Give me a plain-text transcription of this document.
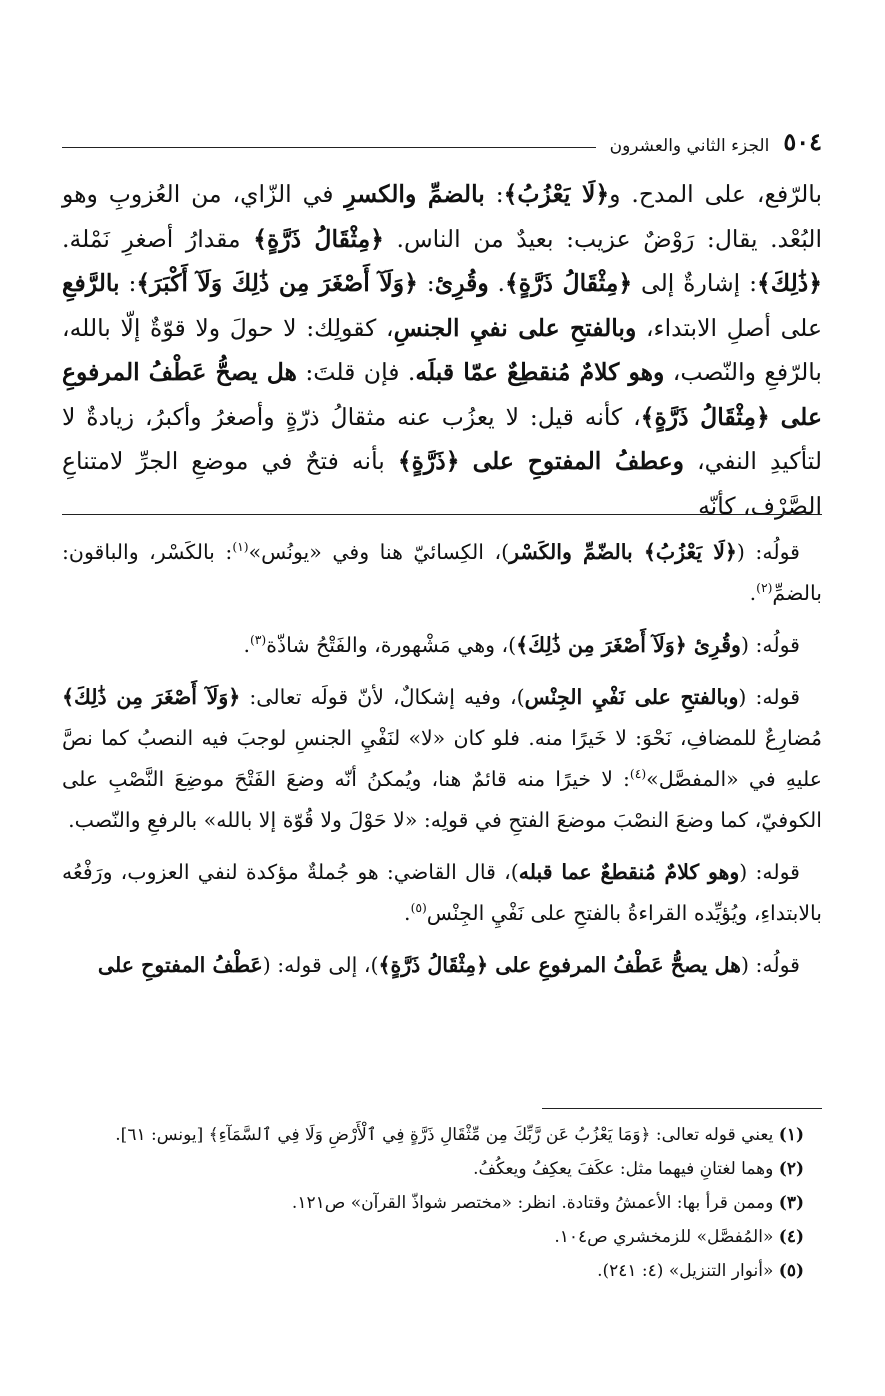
٥٠٤
الجزء الثاني والعشرون

بالرّفع، على المدح. و﴿لَا يَعْزُبُ﴾: بالضمِّ والكسرِ في الزّاي، من العُزوبِ وهو البُعْد. يقال: رَوْضٌ عزيب: بعيدٌ من الناس. ﴿مِثْقَالُ ذَرَّةٍ﴾ مقدارُ أصغرِ نَمْلة. ﴿ذَٰلِكَ﴾: إشارةٌ إلى ﴿مِثْقَالُ ذَرَّةٍ﴾. وقُرِئ: ﴿وَلَآ أَصْغَرَ مِن ذَٰلِكَ وَلَآ أَكْبَرَ﴾: بالرَّفعِ على أصلِ الابتداء، وبالفتحِ على نفيِ الجنسِ، كقولِك: لا حولَ ولا قوّةٌ إلّا بالله، بالرّفعِ والنّصب، وهو كلامٌ مُنقطِعٌ عمّا قبلَه. فإن قلتَ: هل يصحُّ عَطْفُ المرفوعِ على ﴿مِثْقَالُ ذَرَّةٍ﴾، كأنه قيل: لا يعزُب عنه مثقالُ ذرّةٍ وأصغرُ وأكبرُ، زيادةٌ لا لتأكيدِ النفي، وعطفُ المفتوحِ على ﴿ذَرَّةٍ﴾ بأنه فتحٌ في موضعِ الجرِّ لامتناعِ الصَّرْف، كأنّه

قولُه: (﴿لَا يَعْزُبُ﴾ بالضّمِّ والكَسْر)، الكِسائيّ هنا وفي «يونُس»$^{(١)}$: بالكَسْر، والباقون: بالضمِّ$^{(٢)}$.

قولُه: (وقُرِئ ﴿وَلَآ أَصْغَرَ مِن ذَٰلِكَ﴾)، وهي مَشْهورة، والفَتْحُ شاذّة$^{(٣)}$.

قوله: (وبالفتحِ على نَفْيِ الجِنْس)، وفيه إشكالٌ، لأنّ قولَه تعالى: ﴿وَلَآ أَصْغَرَ مِن ذَٰلِكَ﴾ مُضارِعٌ للمضافِ، نَحْوَ: لا خَيرًا منه. فلو كان «لا» لنَفْيِ الجنسِ لوجبَ فيه النصبُ كما نصَّ عليهِ في «المفصَّل»$^{(٤)}$: لا خيرًا منه قائمٌ هنا، ويُمكنُ أنّه وضعَ الفَتْحَ موضِعَ النَّصْبِ على الكوفيّ، كما وضعَ النصْبَ موضعَ الفتحِ في قولِه: «لا حَوْلَ ولا قُوّة إلا بالله» بالرفعِ والنّصب.

قوله: (وهو كلامٌ مُنقطعٌ عما قبله)، قال القاضي: هو جُملةٌ مؤكدة لنفي العزوب، ورَفْعُه بالابتداءِ، ويُؤيِّده القراءةُ بالفتحِ على نَفْيِ الجِنْس$^{(٥)}$.

قولُه: (هل يصحُّ عَطْفُ المرفوعِ على ﴿مِثْقَالُ ذَرَّةٍ﴾)، إلى قوله: (عَطْفُ المفتوحِ على

(١) يعني قوله تعالى: ﴿وَمَا يَعْزُبُ عَن رَّبِّكَ مِن مِّثْقَالِ ذَرَّةٍ فِي ٱلْأَرْضِ وَلَا فِي ٱلسَّمَآءِ﴾ [يونس: ٦١].
(٢) وهما لغتانِ فيهما مثل: عكَفَ يعكِفُ ويعكُفُ.
(٣) وممن قرأ بها: الأعمشُ وقتادة. انظر: «مختصر شواذّ القرآن» ص١٢١.
(٤) «المُفصَّل» للزمخشري ص١٠٤.
(٥) «أنوار التنزيل» (٤: ٢٤١).
